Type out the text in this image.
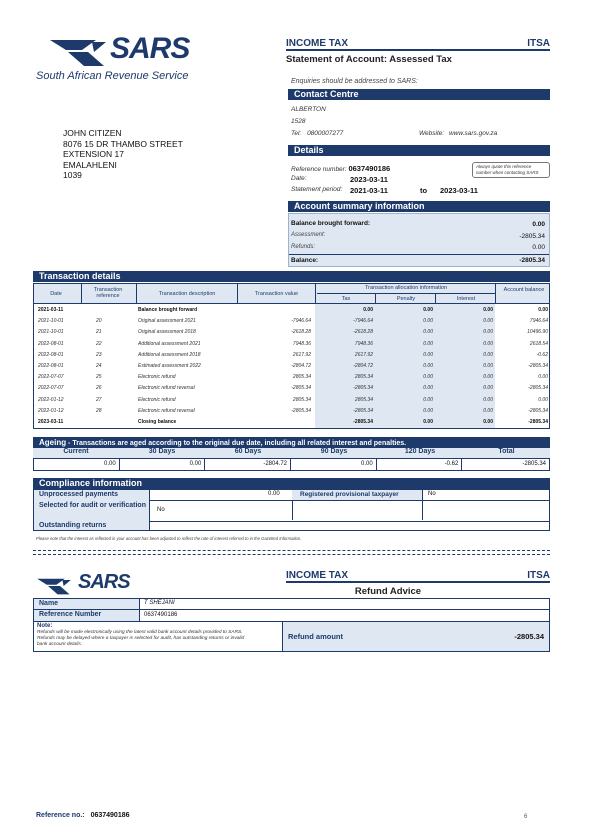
SARS
South African Revenue Service
INCOME TAX	ITSA
Statement of Account: Assessed Tax
Enquiries should be addressed to SARS:
Contact Centre
ALBERTON
1528
Tel: 0800007277	Website: www.sars.gov.za
JOHN CITIZEN
8076 15 DR THAMBO STREET
EXTENSION 17
EMALAHLENI
1039
Details
Reference number: 0637490186	Always quote this reference number when contacting SARS
Date:	2023-03-11
Statement period: 2021-03-11	to 2023-03-11
Account summary information
Balance brought forward:	0.00
Assessment:	-2805.34
Refunds:	0.00
Balance:	-2805.34
Transaction details
Date
Transaction reference	Transaction description	Transaction value
Transaction allocation information
Tax	Penalty	Interest
Account balance
2021-03-11	Balance brought forward	0.00	0.00	0.00	0.00
2021-10-01	20	Original assessment 2021	-7946.64	-7946.64	0.00	0.00	7946.64
2021-10-01	21	Original assessment 2018	-2618.28	-2618.28	0.00	0.00	10496.90
2022-08-01	22	Additional assessment 2021	7948.36	7948.36	0.00	0.00	2618.54
2022-08-01	23	Additional assessment 2018	2617.92	2617.92	0.00	0.00	-0.62
2022-08-01	24	Estimated assessment 2022	-2804.72	-2804.72	0.00	0.00	-2805.34
2022-07-07	25	Electronic refund	2805.34	2805.34	0.00	0.00	0.00
2022-07-07	26	Electronic refund reversal	-2805.34	-2805.34	0.00	0.00	-2805.34
2022-01-12	27	Electronic refund	2805.34	2805.34	0.00	0.00	0.00
2022-01-12	28	Electronic refund reversal	-2805.34	-2805.34	0.00	0.00	-2805.34
2023-03-11	Closing balance	-2805.34	0.00	0.00	-2805.34
Ageing - Transactions are aged according to the original due date, including all related interest and penalties.
Current	30 Days	60 Days	90 Days	120 Days	Total
0.00	0.00	-2804.72	0.00	-0.62	-2805.34
Compliance information
Unprocessed payments	0.00	Registered provisional taxpayer	No
Selected for audit or verification
No
Outstanding returns
Please note that the interest as reflected in your account has been adjusted to reflect the rate of interest referred to in the Gazetted Information.
SARS	INCOME TAX	ITSA
Refund Advice
Name	T SHEJANI
Reference Number	0637490186
Note:
Refunds will be made electronically using the latest valid bank account details provided to SARS. Refunds may be delayed where a taxpayer is selected for audit, has outstanding returns or invalid bank account details.
Refund amount	-2805.34
Reference no.: 0637490186	6
